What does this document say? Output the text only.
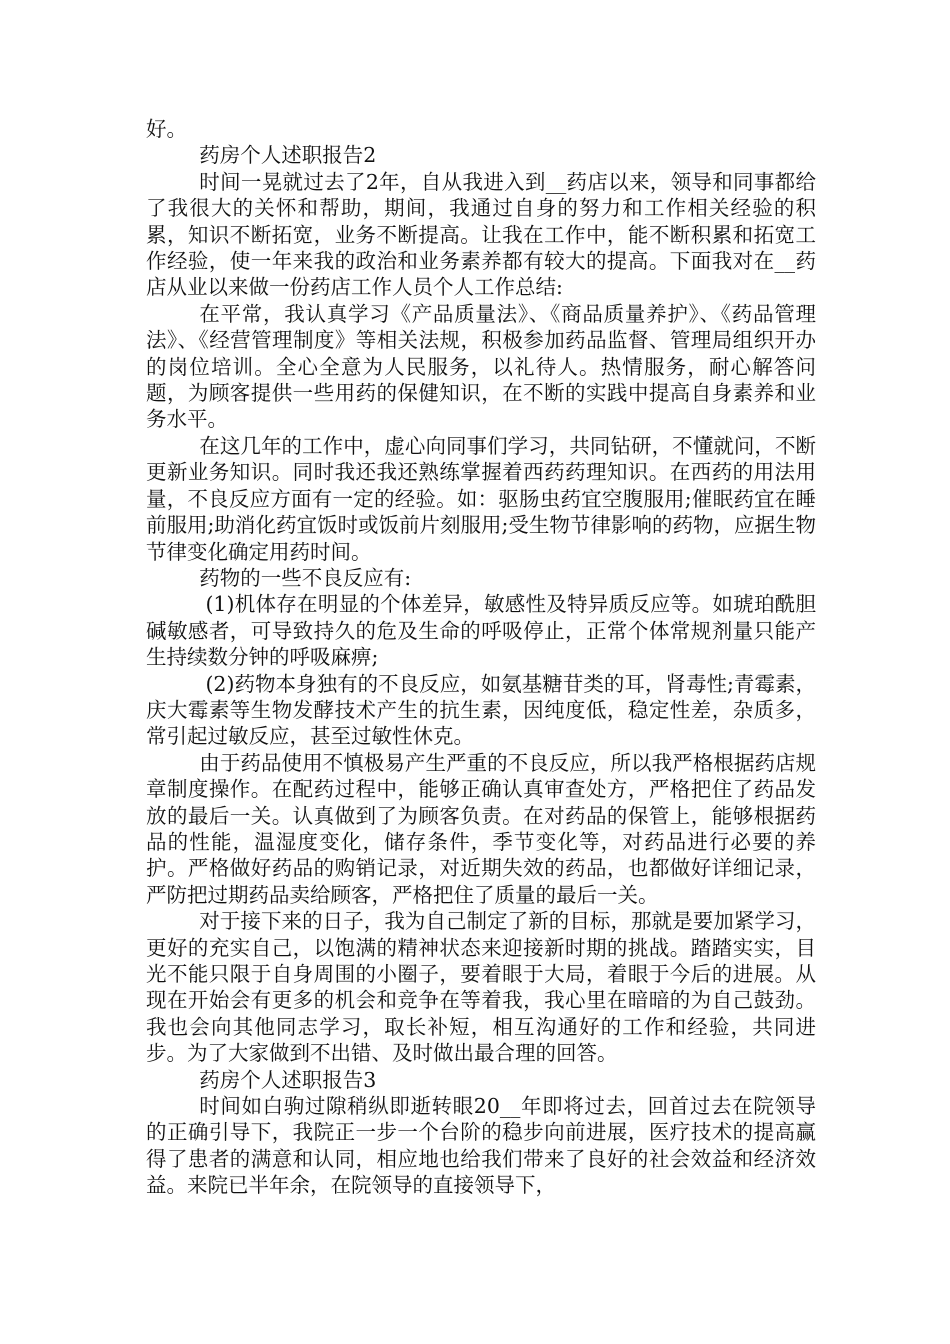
好。

药房个人述职报告2

时间一晃就过去了2年，自从我进入到__药店以来，领导和同事都给了我很大的关怀和帮助，期间，我通过自身的努力和工作相关经验的积累，知识不断拓宽，业务不断提高。让我在工作中，能不断积累和拓宽工作经验，使一年来我的政治和业务素养都有较大的提高。下面我对在__药店从业以来做一份药店工作人员个人工作总结:

在平常，我认真学习《产品质量法》、《商品质量养护》、《药品管理法》、《经营管理制度》等相关法规，积极参加药品监督、管理局组织开办的岗位培训。全心全意为人民服务，以礼待人。热情服务，耐心解答问题，为顾客提供一些用药的保健知识，在不断的实践中提高自身素养和业务水平。

在这几年的工作中，虚心向同事们学习，共同钻研，不懂就问，不断更新业务知识。同时我还我还熟练掌握着西药药理知识。在西药的用法用量，不良反应方面有一定的经验。如：驱肠虫药宜空腹服用;催眠药宜在睡前服用;助消化药宜饭时或饭前片刻服用;受生物节律影响的药物，应据生物节律变化确定用药时间。

药物的一些不良反应有:

(1)机体存在明显的个体差异，敏感性及特异质反应等。如琥珀酰胆碱敏感者，可导致持久的危及生命的呼吸停止，正常个体常规剂量只能产生持续数分钟的呼吸麻痹;

(2)药物本身独有的不良反应，如氨基糖苷类的耳，肾毒性;青霉素，庆大霉素等生物发酵技术产生的抗生素，因纯度低，稳定性差，杂质多，常引起过敏反应，甚至过敏性休克。

由于药品使用不慎极易产生严重的不良反应，所以我严格根据药店规章制度操作。在配药过程中，能够正确认真审查处方，严格把住了药品发放的最后一关。认真做到了为顾客负责。在对药品的保管上，能够根据药品的性能，温湿度变化，储存条件，季节变化等，对药品进行必要的养护。严格做好药品的购销记录，对近期失效的药品，也都做好详细记录，严防把过期药品卖给顾客，严格把住了质量的最后一关。

对于接下来的日子，我为自己制定了新的目标，那就是要加紧学习，更好的充实自己，以饱满的精神状态来迎接新时期的挑战。踏踏实实，目光不能只限于自身周围的小圈子，要着眼于大局，着眼于今后的进展。从现在开始会有更多的机会和竞争在等着我，我心里在暗暗的为自己鼓劲。我也会向其他同志学习，取长补短，相互沟通好的工作和经验，共同进步。为了大家做到不出错、及时做出最合理的回答。

药房个人述职报告3

时间如白驹过隙稍纵即逝转眼20__年即将过去，回首过去在院领导的正确引导下，我院正一步一个台阶的稳步向前进展，医疗技术的提高赢得了患者的满意和认同，相应地也给我们带来了良好的社会效益和经济效益。来院已半年余，在院领导的直接领导下，
